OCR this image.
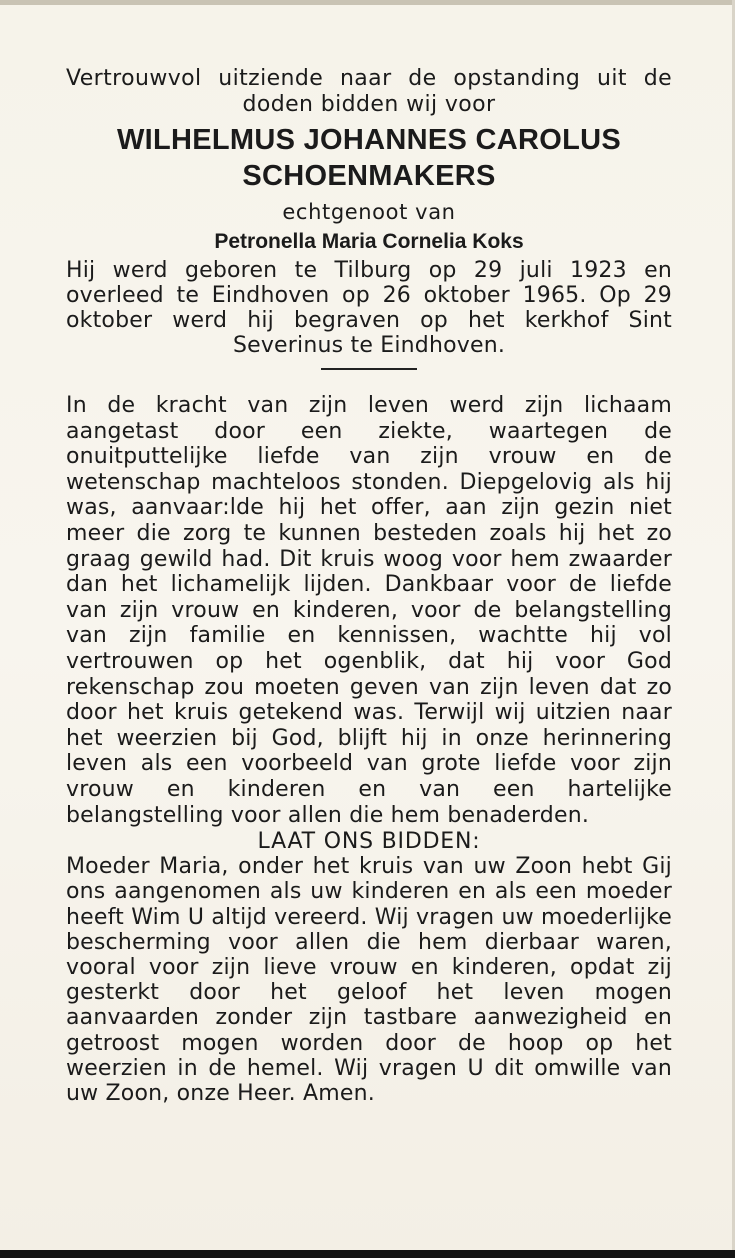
Vertrouwvol uitziende naar de opstanding uit de doden bidden wij voor
WILHELMUS JOHANNES CAROLUS
SCHOENMAKERS
echtgenoot van
Petronella Maria Cornelia Koks
Hij werd geboren te Tilburg op 29 juli 1923 en overleed te Eindhoven op 26 oktober 1965. Op 29 oktober werd hij begraven op het kerkhof Sint Severinus te Eindhoven.
In de kracht van zijn leven werd zijn lichaam aangetast door een ziekte, waartegen de onuitputtelijke liefde van zijn vrouw en de wetenschap machteloos stonden. Diepgelovig als hij was, aanvaar:lde hij het offer, aan zijn gezin niet meer die zorg te kunnen besteden zoals hij het zo graag gewild had. Dit kruis woog voor hem zwaarder dan het lichamelijk lijden. Dankbaar voor de liefde van zijn vrouw en kinderen, voor de belangstelling van zijn familie en kennissen, wachtte hij vol vertrouwen op het ogenblik, dat hij voor God rekenschap zou moeten geven van zijn leven dat zo door het kruis getekend was. Terwijl wij uitzien naar het weerzien bij God, blijft hij in onze herinnering leven als een voorbeeld van grote liefde voor zijn vrouw en kinderen en van een hartelijke belangstelling voor allen die hem benaderden.
LAAT ONS BIDDEN:
Moeder Maria, onder het kruis van uw Zoon hebt Gij ons aangenomen als uw kinderen en als een moeder heeft Wim U altijd vereerd. Wij vragen uw moederlijke bescherming voor allen die hem dierbaar waren, vooral voor zijn lieve vrouw en kinderen, opdat zij gesterkt door het geloof het leven mogen aanvaarden zonder zijn tastbare aanwezigheid en getroost mogen worden door de hoop op het weerzien in de hemel. Wij vragen U dit omwille van uw Zoon, onze Heer. Amen.
